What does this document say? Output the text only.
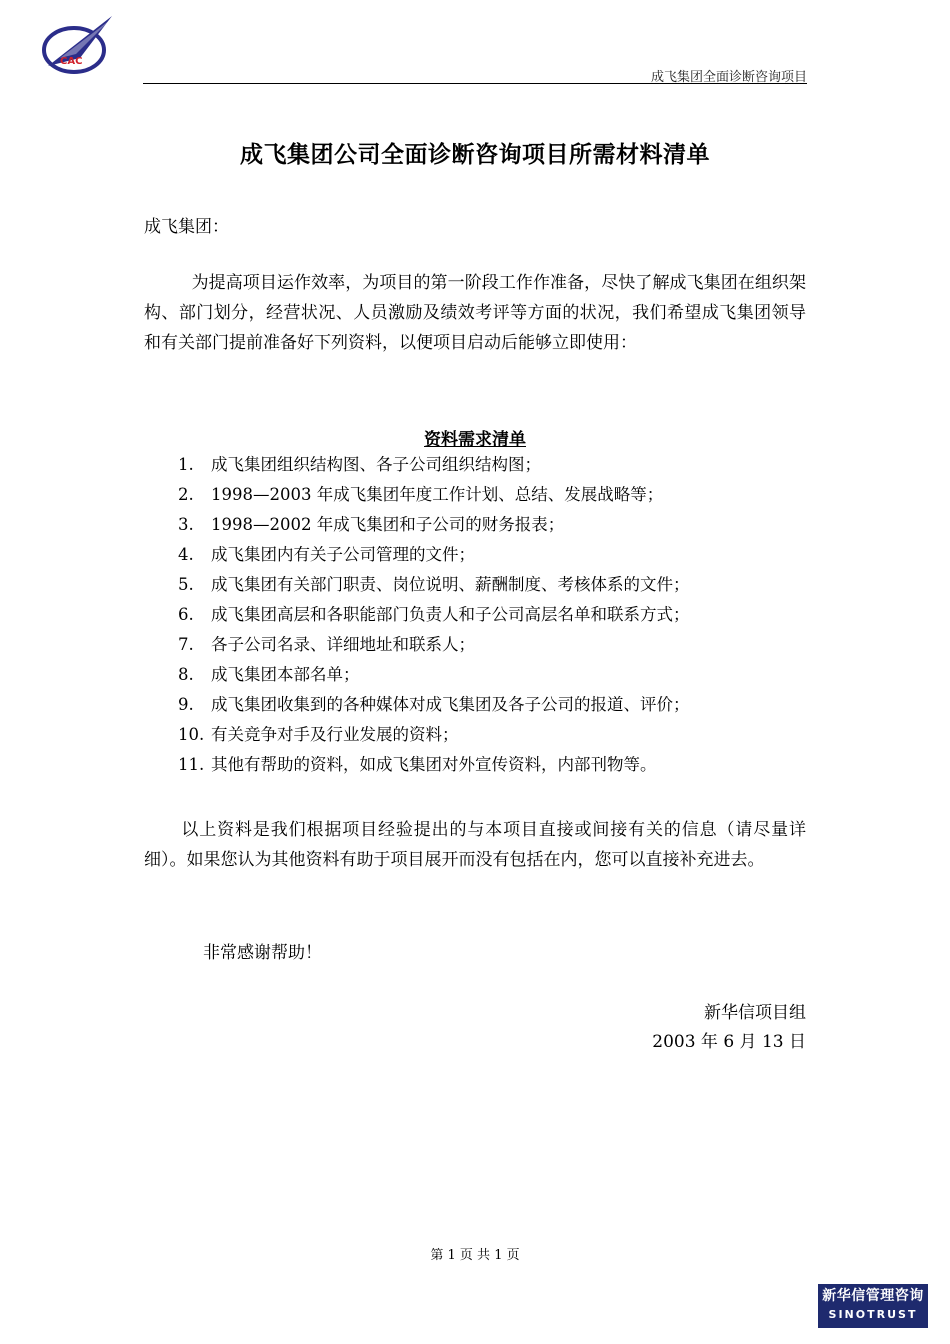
CAC
成飞集团全面诊断咨询项目
成飞集团公司全面诊断咨询项目所需材料清单
成飞集团：
为提高项目运作效率，为项目的第一阶段工作作准备，尽快了解成飞集团在组织架构、部门划分，经营状况、人员激励及绩效考评等方面的状况，我们希望成飞集团领导和有关部门提前准备好下列资料，以便项目启动后能够立即使用：
资料需求清单
1. 成飞集团组织结构图、各子公司组织结构图；
2. 1998—2003 年成飞集团年度工作计划、总结、发展战略等；
3. 1998—2002 年成飞集团和子公司的财务报表；
4. 成飞集团内有关子公司管理的文件；
5. 成飞集团有关部门职责、岗位说明、薪酬制度、考核体系的文件；
6. 成飞集团高层和各职能部门负责人和子公司高层名单和联系方式；
7. 各子公司名录、详细地址和联系人；
8. 成飞集团本部名单；
9. 成飞集团收集到的各种媒体对成飞集团及各子公司的报道、评价；
10. 有关竞争对手及行业发展的资料；
11. 其他有帮助的资料，如成飞集团对外宣传资料，内部刊物等。
以上资料是我们根据项目经验提出的与本项目直接或间接有关的信息（请尽量详细）。如果您认为其他资料有助于项目展开而没有包括在内，您可以直接补充进去。
非常感谢帮助！
新华信项目组
2003 年 6 月 13 日
第 1 页 共 1 页
新华信管理咨询
SINOTRUST
